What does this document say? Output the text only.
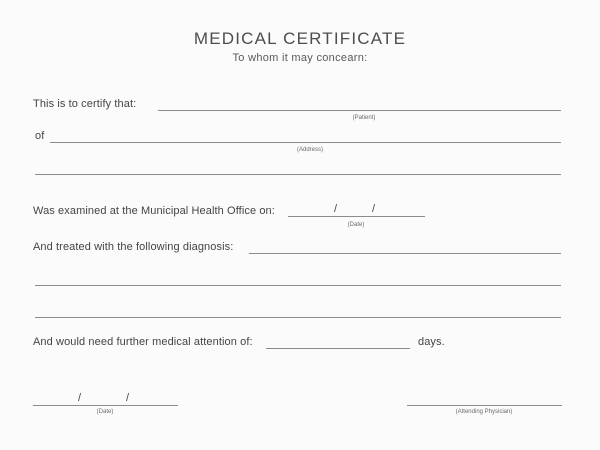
MEDICAL CERTIFICATE
To whom it may concearn:
This is to certify that:
(Patient)
of
(Address)
Was examined at the Municipal Health Office on:	/	/
(Date)
And treated with the following diagnosis:
And would need further medical attention of:	days.
/	/
(Date)	(Attending Physician)
